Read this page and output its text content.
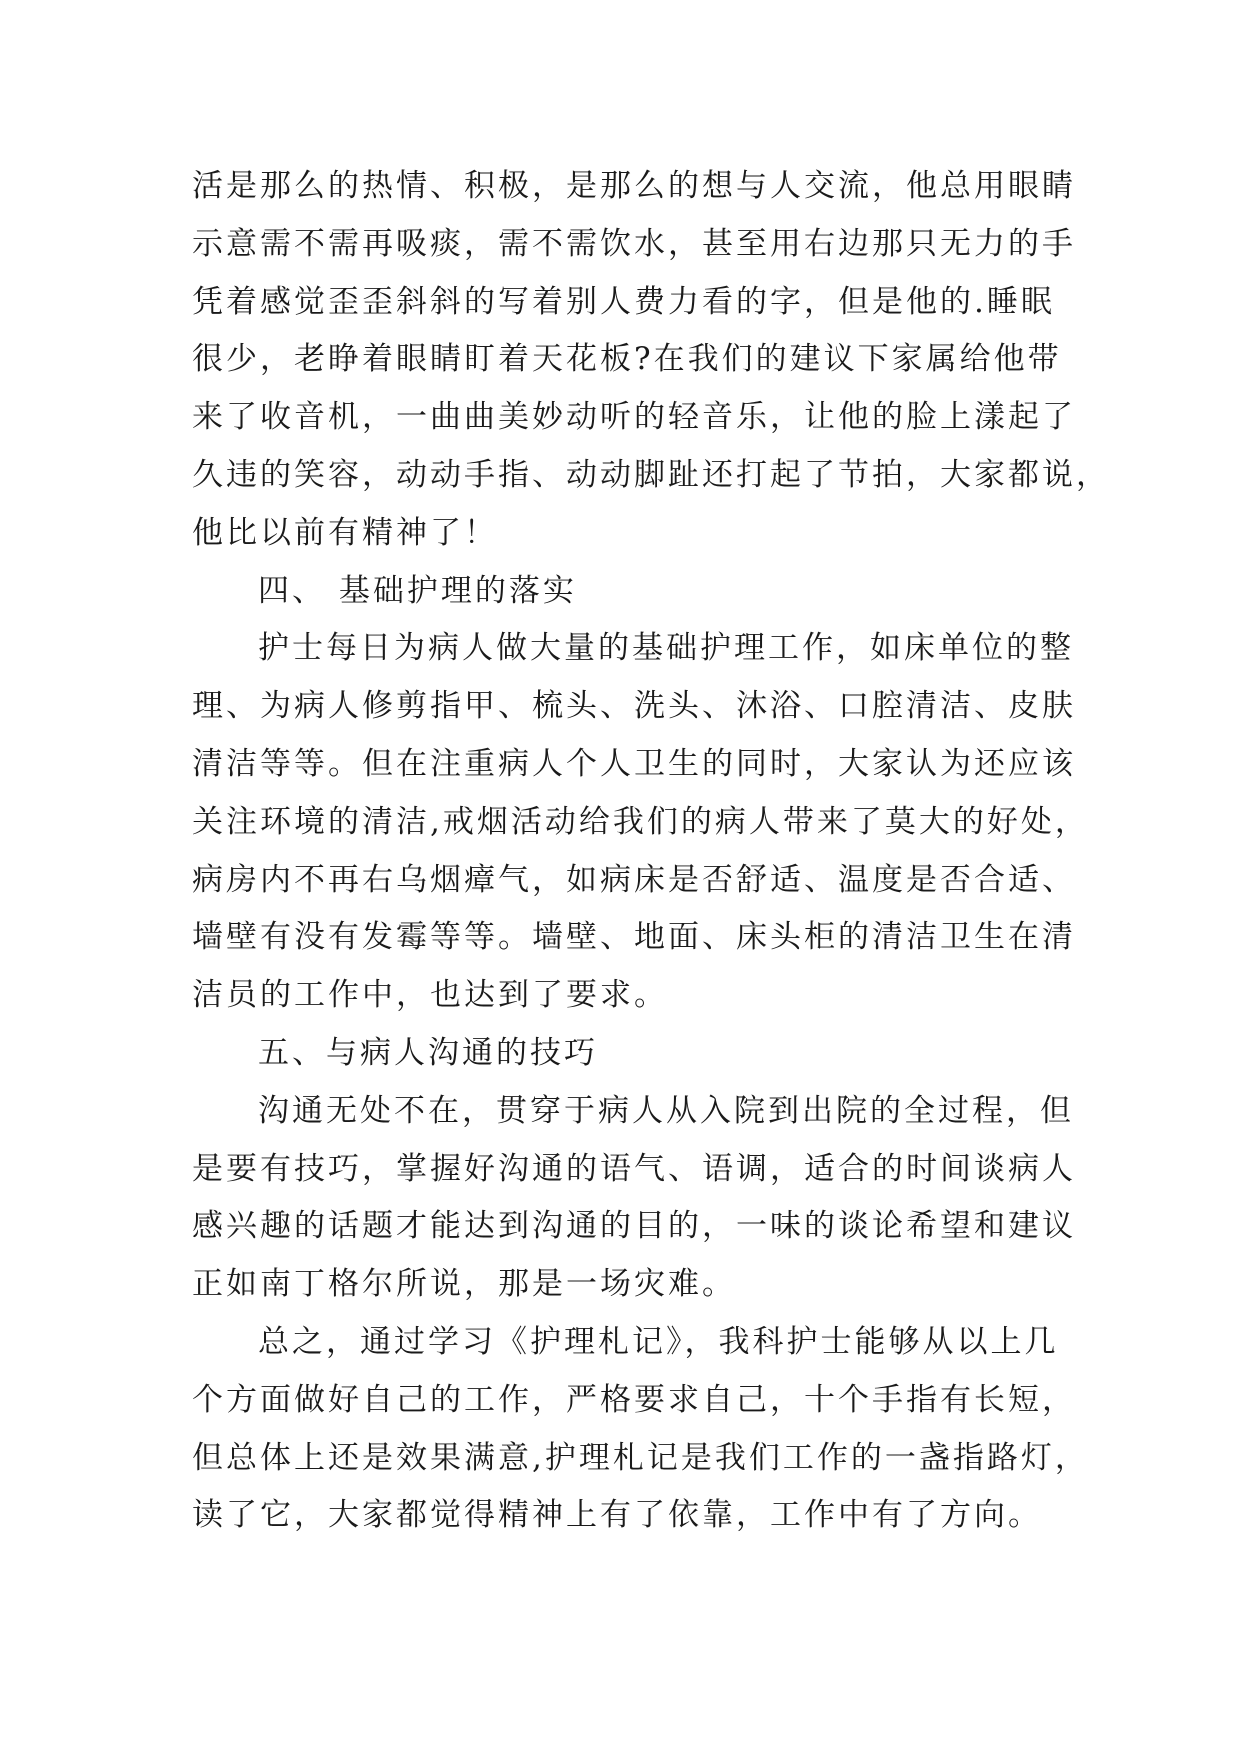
活是那么的热情、积极，是那么的想与人交流，他总用眼睛
示意需不需再吸痰，需不需饮水，甚至用右边那只无力的手
凭着感觉歪歪斜斜的写着别人费力看的字，但是他的.睡眠
很少，老睁着眼睛盯着天花板?在我们的建议下家属给他带
来了收音机，一曲曲美妙动听的轻音乐，让他的脸上漾起了
久违的笑容，动动手指、动动脚趾还打起了节拍，大家都说，
他比以前有精神了！
四、 基础护理的落实
护士每日为病人做大量的基础护理工作，如床单位的整
理、为病人修剪指甲、梳头、洗头、沐浴、口腔清洁、皮肤
清洁等等。但在注重病人个人卫生的同时，大家认为还应该
关注环境的清洁,戒烟活动给我们的病人带来了莫大的好处，
病房内不再右乌烟瘴气，如病床是否舒适、温度是否合适、
墙壁有没有发霉等等。墙壁、地面、床头柜的清洁卫生在清
洁员的工作中，也达到了要求。
五、与病人沟通的技巧
沟通无处不在，贯穿于病人从入院到出院的全过程，但
是要有技巧，掌握好沟通的语气、语调，适合的时间谈病人
感兴趣的话题才能达到沟通的目的，一味的谈论希望和建议
正如南丁格尔所说，那是一场灾难。
总之，通过学习《护理札记》，我科护士能够从以上几
个方面做好自己的工作，严格要求自己，十个手指有长短，
但总体上还是效果满意,护理札记是我们工作的一盏指路灯，
读了它，大家都觉得精神上有了依靠，工作中有了方向。
